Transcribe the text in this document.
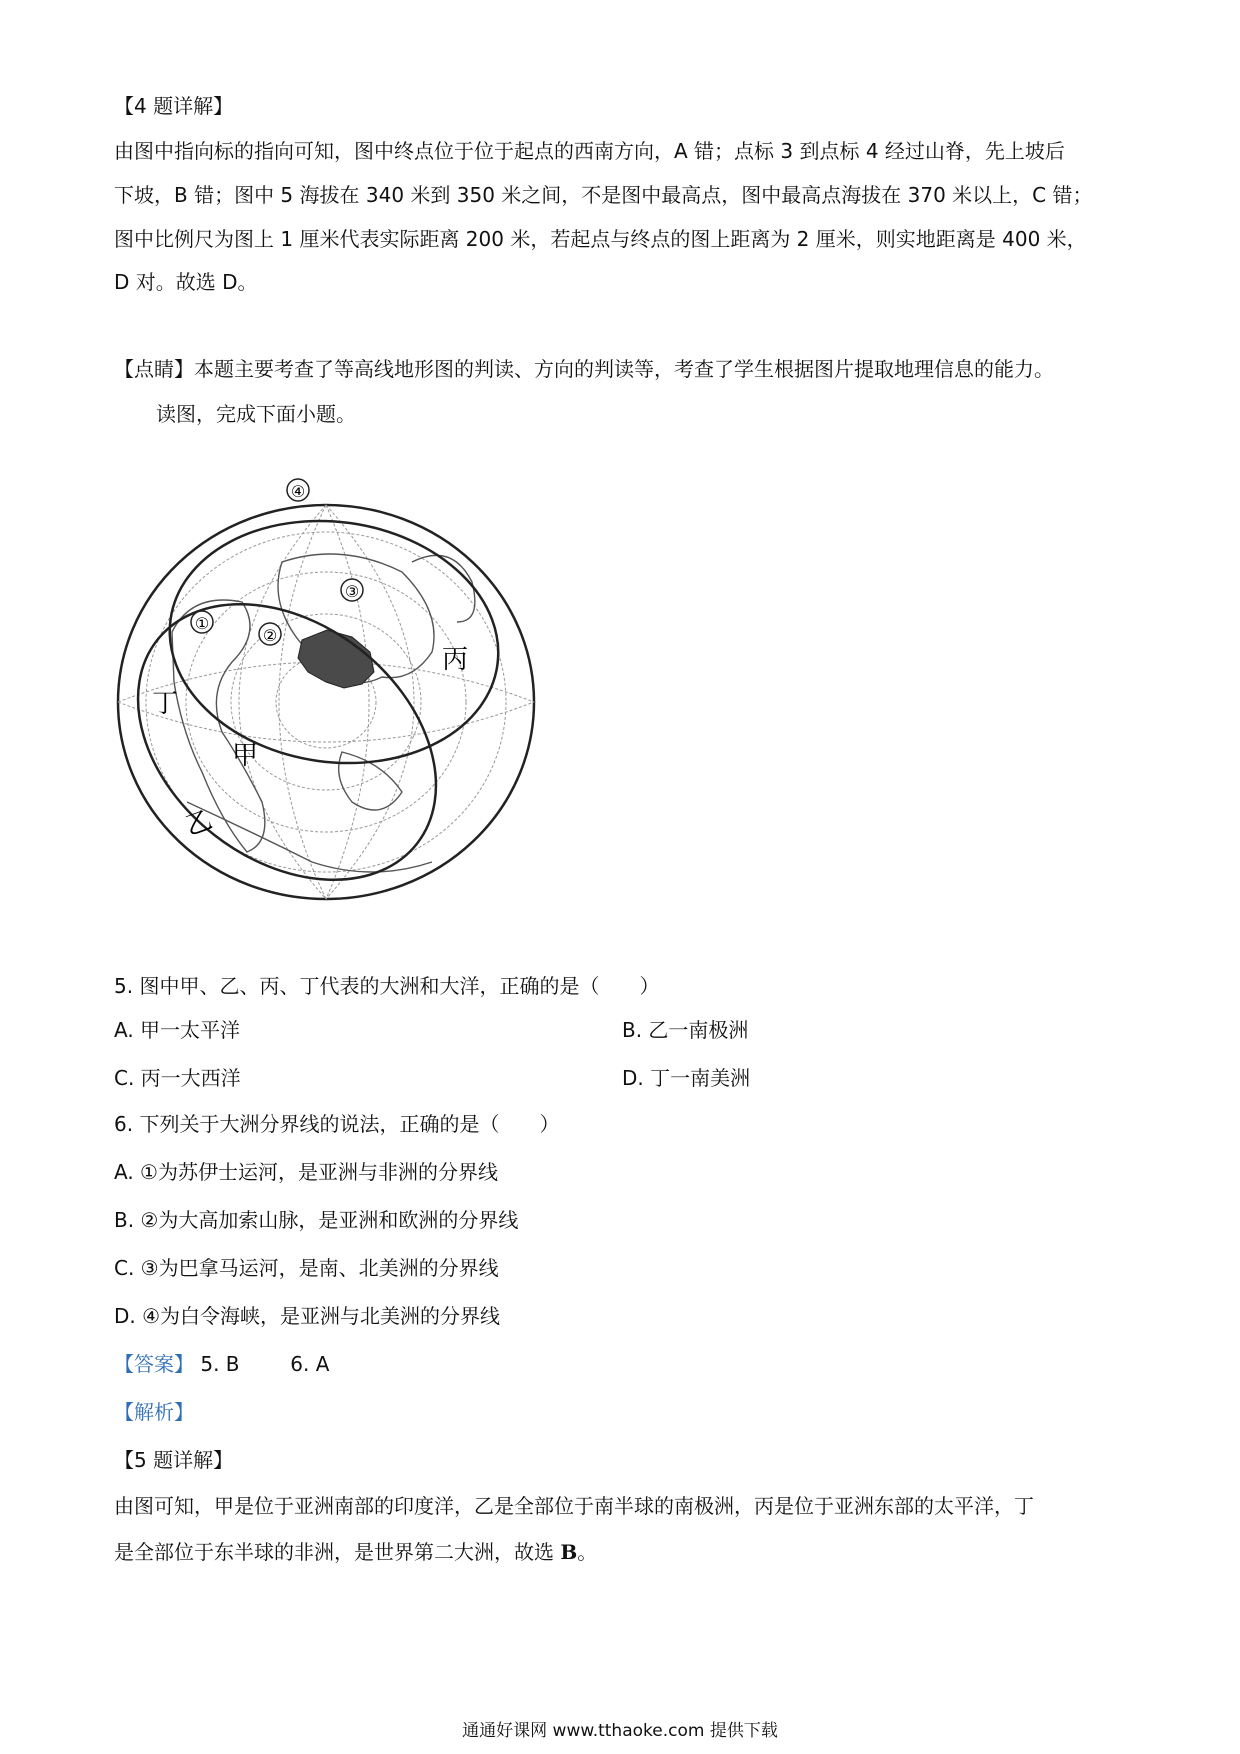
【4 题详解】
由图中指向标的指向可知，图中终点位于位于起点的西南方向，A 错；点标 3 到点标 4 经过山脊，先上坡后
下坡，B 错；图中 5 海拔在 340 米到 350 米之间，不是图中最高点，图中最高点海拔在 370 米以上，C 错；
图中比例尺为图上 1 厘米代表实际距离 200 米，若起点与终点的图上距离为 2 厘米，则实地距离是 400 米，
D 对。故选 D。
【点睛】本题主要考查了等高线地形图的判读、方向的判读等，考查了学生根据图片提取地理信息的能力。
读图，完成下面小题。
①
②
③
④
丙
丁
甲
乙
5. 图中甲、乙、丙、丁代表的大洲和大洋，正确的是（　　）
A. 甲一太平洋	B. 乙一南极洲
C. 丙一大西洋	D. 丁一南美洲
6. 下列关于大洲分界线的说法，正确的是（　　）
A. ①为苏伊士运河，是亚洲与非洲的分界线
B. ②为大高加索山脉，是亚洲和欧洲的分界线
C. ③为巴拿马运河，是南、北美洲的分界线
D. ④为白令海峡，是亚洲与北美洲的分界线
【答案】 5. B	6. A
【解析】
【5 题详解】
由图可知，甲是位于亚洲南部的印度洋，乙是全部位于南半球的南极洲，丙是位于亚洲东部的太平洋，丁
是全部位于东半球的非洲，是世界第二大洲，故选 B。
通通好课网 www.tthaoke.com 提供下载
